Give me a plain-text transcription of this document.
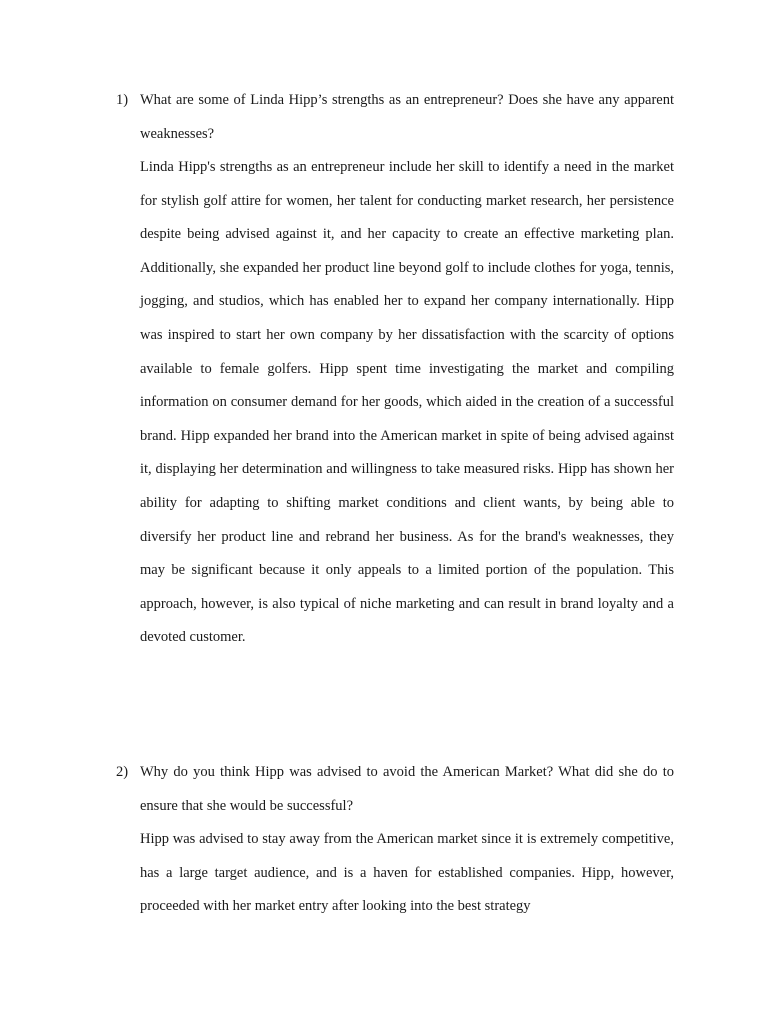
1) What are some of Linda Hipp’s strengths as an entrepreneur? Does she have any apparent weaknesses?

Linda Hipp's strengths as an entrepreneur include her skill to identify a need in the market for stylish golf attire for women, her talent for conducting market research, her persistence despite being advised against it, and her capacity to create an effective marketing plan. Additionally, she expanded her product line beyond golf to include clothes for yoga, tennis, jogging, and studios, which has enabled her to expand her company internationally. Hipp was inspired to start her own company by her dissatisfaction with the scarcity of options available to female golfers. Hipp spent time investigating the market and compiling information on consumer demand for her goods, which aided in the creation of a successful brand. Hipp expanded her brand into the American market in spite of being advised against it, displaying her determination and willingness to take measured risks. Hipp has shown her ability for adapting to shifting market conditions and client wants, by being able to diversify her product line and rebrand her business. As for the brand's weaknesses, they may be significant because it only appeals to a limited portion of the population. This approach, however, is also typical of niche marketing and can result in brand loyalty and a devoted customer.

2) Why do you think Hipp was advised to avoid the American Market? What did she do to ensure that she would be successful?

Hipp was advised to stay away from the American market since it is extremely competitive, has a large target audience, and is a haven for established companies. Hipp, however, proceeded with her market entry after looking into the best strategy
